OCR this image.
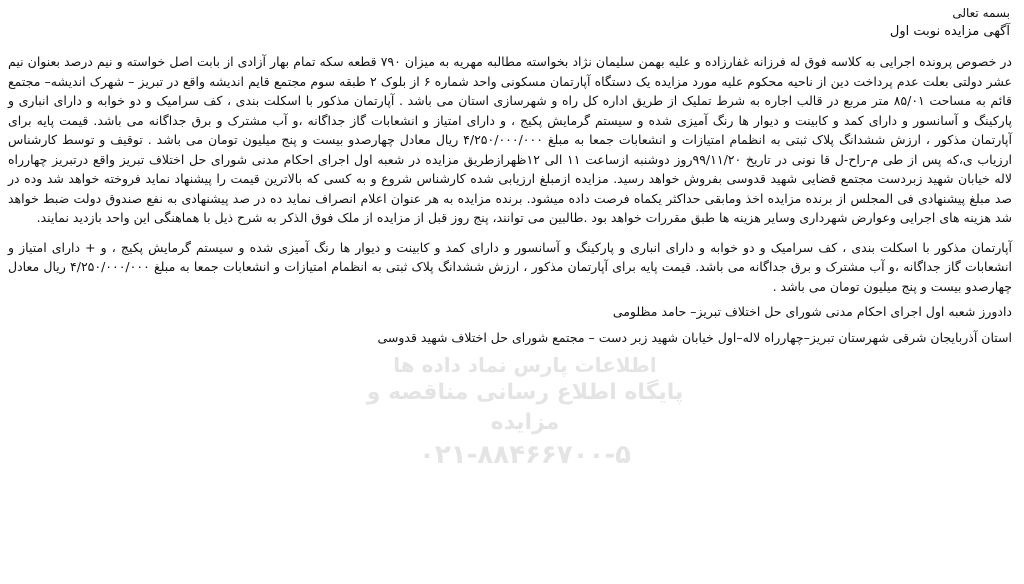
بسمه تعالی

آگهی مزایده نوبت اول

در خصوص پرونده اجرایی به کلاسه فوق له فرزانه غفارزاده و علیه بهمن سلیمان نژاد بخواسته مطالبه مهریه به میزان ۷۹۰ قطعه سکه تمام بهار آزادی از بابت اصل خواسته و نیم درصد بعنوان نیم عشر دولتی بعلت عدم پرداخت دین از ناحیه محکوم علیه مورد مزایده یک دستگاه آپارتمان مسکونی واحد شماره ۶ از بلوک ۲ طبقه سوم مجتمع قایم اندیشه واقع در تبریز – شهرک اندیشه– مجتمع قائم به مساحت ۸۵/۰۱ متر مربع در قالب اجاره به شرط تملیک از طریق اداره کل راه و شهرسازی استان می باشد . آپارتمان مذکور با اسکلت بندی ، کف سرامیک و دو خوابه و دارای انباری و پارکینگ و آسانسور و دارای کمد و کابینت و دیوار ها رنگ آمیزی شده و سیستم گرمایش پکیج ، و دارای امتیاز و انشعابات گاز جداگانه ،و آب مشترک و برق جداگانه می باشد. قیمت پایه برای آپارتمان مذکور ، ارزش ششدانگ پلاک ثبتی به انظمام امتیازات و انشعابات جمعا به مبلغ ۴/۲۵۰/۰۰۰/۰۰۰ ریال معادل چهارصدو بیست و پنج میلیون تومان می باشد . توقیف و توسط کارشناس ارزیاب ی،که پس از طی م-راح-ل قا نونی در تاریخ ۹۹/۱۱/۲۰روز دوشنبه ازساعت ۱۱ الی ۱۲ظهرازطریق مزایده در شعبه اول اجرای احکام مدنی شورای حل اختلاف تبریز واقع درتبریز چهارراه لاله خیابان شهید زبردست مجتمع قضایی شهید قدوسی بفروش خواهد رسید. مزایده ازمبلغ ارزیابی شده کارشناس شروع و به کسی که بالاترین قیمت را پیشنهاد نماید فروخته خواهد شد وده در صد مبلغ پیشنهادی فی المجلس از برنده مزایده اخذ ومابقی حداکثر یکماه فرصت داده میشود. برنده مزایده به هر عنوان اعلام انصراف نماید ده در صد پیشنهادی به نفع صندوق دولت ضبط خواهد شد هزینه های اجرایی وعوارض شهرداری وسایر هزینه ها طبق مقررات خواهد بود .طالبین می توانند، پنج روز قبل از مزایده از ملک فوق الذکر به شرح ذیل با هماهنگی این واحد بازدید نمایند.

آپارتمان مذکور با اسکلت بندی ، کف سرامیک و دو خوابه و دارای انباری و پارکینگ و آسانسور و دارای کمد و کابینت و دیوار ها رنگ آمیزی شده و سیستم گرمایش پکیج ، و + دارای امتیاز و انشعابات گاز جداگانه ،و آب مشترک و برق جداگانه می باشد. قیمت پایه برای آپارتمان مذکور ، ارزش ششدانگ پلاک ثبتی به انظمام امتیازات و انشعابات جمعا به مبلغ ۴/۲۵۰/۰۰۰/۰۰۰ ریال معادل چهارصدو بیست و پنج میلیون تومان می باشد .

دادورز شعبه اول اجرای احکام مدنی شورای حل اختلاف تبریز– حامد مظلومی

استان آذربایجان شرقی شهرستان تبریز–چهارراه لاله–اول خیابان شهید زبر دست – مجتمع شورای حل اختلاف شهید قدوسی

اطلاعات پارس نماد داده ها
پایگاه اطلاع رسانی مناقصه و مزایده
۰۲۱-۸۸۴۶۶۷۰۰-۵
